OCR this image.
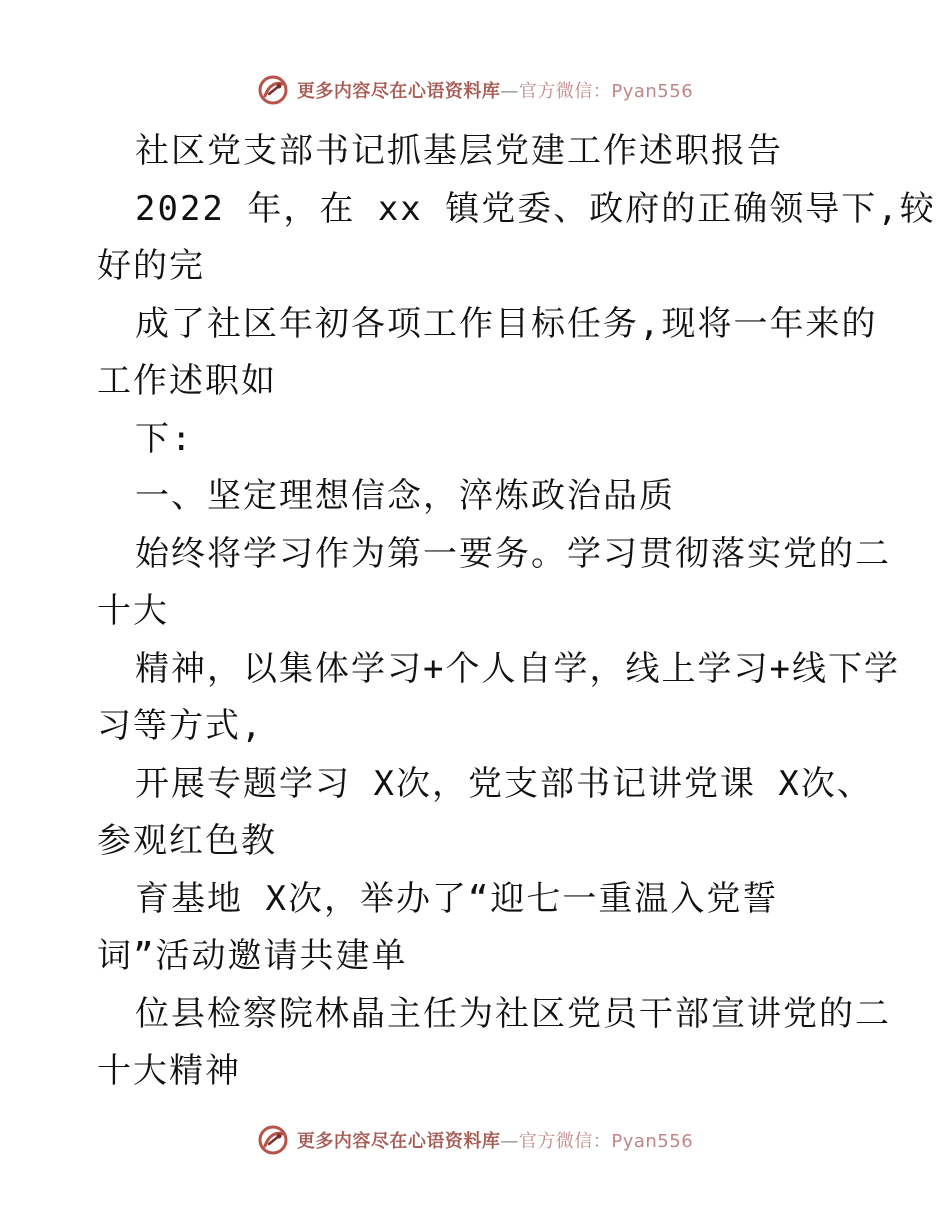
更多内容尽在心语资料库—官方微信：Pyan556
社区党支部书记抓基层党建工作述职报告
2022 年，在 xx 镇党委、政府的正确领导下,较
好的完
成了社区年初各项工作目标任务,现将一年来的
工作述职如
下:
一、坚定理想信念，淬炼政治品质
始终将学习作为第一要务。学习贯彻落实党的二
十大
精神，以集体学习+个人自学，线上学习+线下学
习等方式,
开展专题学习 X次，党支部书记讲党课 X次、
参观红色教
育基地 X次，举办了“迎七一重温入党誓
词”活动邀请共建单
位县检察院林晶主任为社区党员干部宣讲党的二
十大精神
更多内容尽在心语资料库—官方微信：Pyan556
